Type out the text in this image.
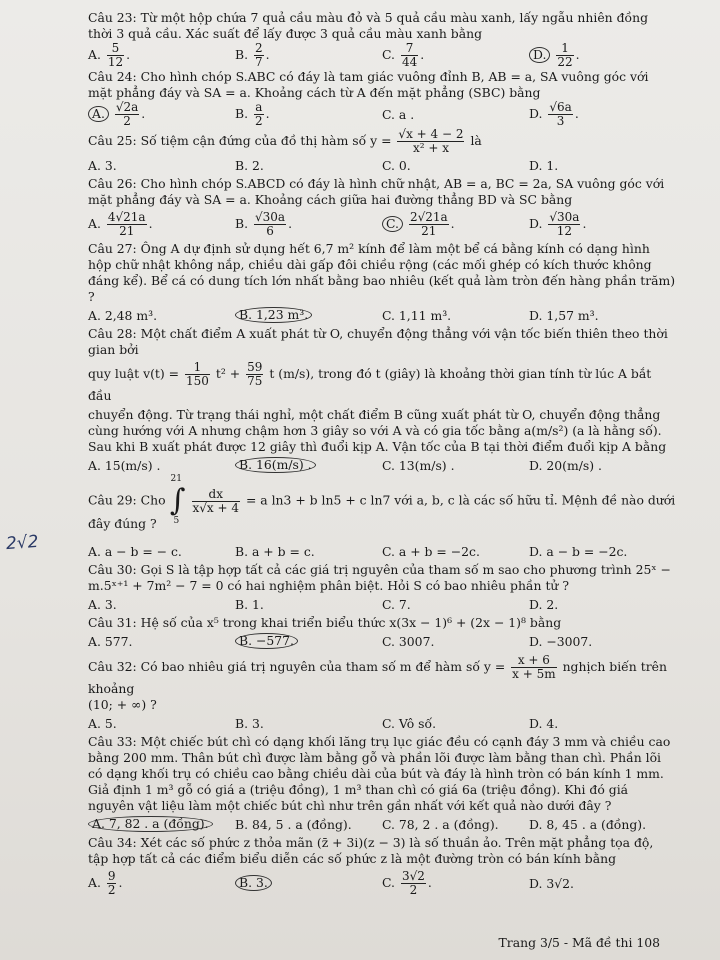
2√2

Câu 23: Từ một hộp chứa 7 quả cầu màu đỏ và 5 quả cầu màu xanh, lấy ngẫu nhiên đồng thời 3 quả cầu. Xác suất để lấy được 3 quả cầu màu xanh bằng

A. $\frac{5}{12}$ .	B. $\frac{2}{7}$ .	C. $\frac{7}{44}$ .	D. $\frac{1}{22}$ .

Câu 24: Cho hình chóp S.ABC có đáy là tam giác vuông đỉnh B, AB = a, SA vuông góc với mặt phẳng đáy và SA = a. Khoảng cách từ A đến mặt phẳng (SBC) bằng

A. $\frac{√2a}{2}$ .	B. $\frac{a}{2}$ .	C. a .	D. $\frac{√6a}{3}$ .

Câu 25: Số tiệm cận đứng của đồ thị hàm số $y = \frac{√x + 4 - 2}{\text{x² + x}}$ là

A. 3.	B. 2.	C. 0.	D. 1.

Câu 26: Cho hình chóp S.ABCD có đáy là hình chữ nhật, AB = a, BC = 2a, SA vuông góc với mặt phẳng đáy và SA = a. Khoảng cách giữa hai đường thẳng BD và SC bằng

A. $\frac{4√21a}{21}$ .	B. $\frac{√30a}{6}$ .	C. $\frac{2√21a}{21}$ .	D. $\frac{√30a}{12}$ .

Câu 27: Ông A dự định sử dụng hết 6,7 m² kính để làm một bể cá bằng kính có dạng hình hộp chữ nhật không nắp, chiều dài gấp đôi chiều rộng (các mối ghép có kích thước không đáng kể). Bể cá có dung tích lớn nhất bằng bao nhiêu (kết quả làm tròn đến hàng phần trăm) ?

A. 2,48 m³.	B. 1,23 m³.	C. 1,11 m³.	D. 1,57 m³.

Câu 28: Một chất điểm A xuất phát từ O, chuyển động thẳng với vận tốc biến thiên theo thời gian bởi

quy luật $v(t) = \frac{1}{150} t^2 + \frac{59}{75}$ t (m/s), trong đó t (giây) là khoảng thời gian tính từ lúc A bắt đầu

chuyển động. Từ trạng thái nghỉ, một chất điểm B cũng xuất phát từ O, chuyển động thẳng cùng hướng với A nhưng chậm hơn 3 giây so với A và có gia tốc bằng a(m/s²) (a là hằng số). Sau khi B xuất phát được 12 giây thì đuổi kịp A. Vận tốc của B tại thời điểm đuổi kịp A bằng

A. 15(m/s) .	B. 16(m/s) .	C. 13(m/s) .	D. 20(m/s) .

Câu 29: Cho ∫
21
5

$\frac{dx}{x√x + 4} = a$ ln3 + b ln5 + c ln7 với a, b, c là các số hữu tỉ. Mệnh đề nào dưới đây đúng ?

A. a − b = − c.	B. a + b = c.	C. a + b = −2c.	D. a − b = −2c.

Câu 30: Gọi S là tập hợp tất cả các giá trị nguyên của tham số m sao cho phương trình 25ˣ − m.5ˣ⁺¹ + 7m² − 7 = 0 có hai nghiệm phân biệt. Hỏi S có bao nhiêu phần tử ?

A. 3.	B. 1.	C. 7.	D. 2.

Câu 31: Hệ số của x⁵ trong khai triển biểu thức x(3x − 1)⁶ + (2x − 1)⁸ bằng

A. 577.	B. −577.	C. 3007.	D. −3007.

Câu 32: Có bao nhiêu giá trị nguyên của tham số m để hàm số $y = \frac{x + 6}{x + 5m}$ nghịch biến trên khoảng

(10; + ∞) ?

A. 5.	B. 3.	C. Vô số.	D. 4.

Câu 33: Một chiếc bút chì có dạng khối lăng trụ lục giác đều có cạnh đáy 3 mm và chiều cao bằng 200 mm. Thân bút chì được làm bằng gỗ và phần lõi được làm bằng than chì. Phần lõi có dạng khối trụ có chiều cao bằng chiều dài của bút và đáy là hình tròn có bán kính 1 mm. Giả định 1 m³ gỗ có giá a (triệu đồng), 1 m³ than chì có giá 6a (triệu đồng). Khi đó giá nguyên vật liệu làm một chiếc bút chì như trên gần nhất với kết quả nào dưới đây ?

A. 7, 82 . a (đồng).	B. 84, 5 . a (đồng).	C. 78, 2 . a (đồng).	D. 8, 45 . a (đồng).

Câu 34: Xét các số phức z thỏa mãn (z̄ + 3i)(z − 3) là số thuần ảo. Trên mặt phẳng tọa độ, tập hợp tất cả các điểm biểu diễn các số phức z là một đường tròn có bán kính bằng

A. $\frac{9}{2}$ .	B. 3.	C. $\frac{3√2}{2}$ .	D. 3√2.
Trang 3/5 - Mã đề thi 108
